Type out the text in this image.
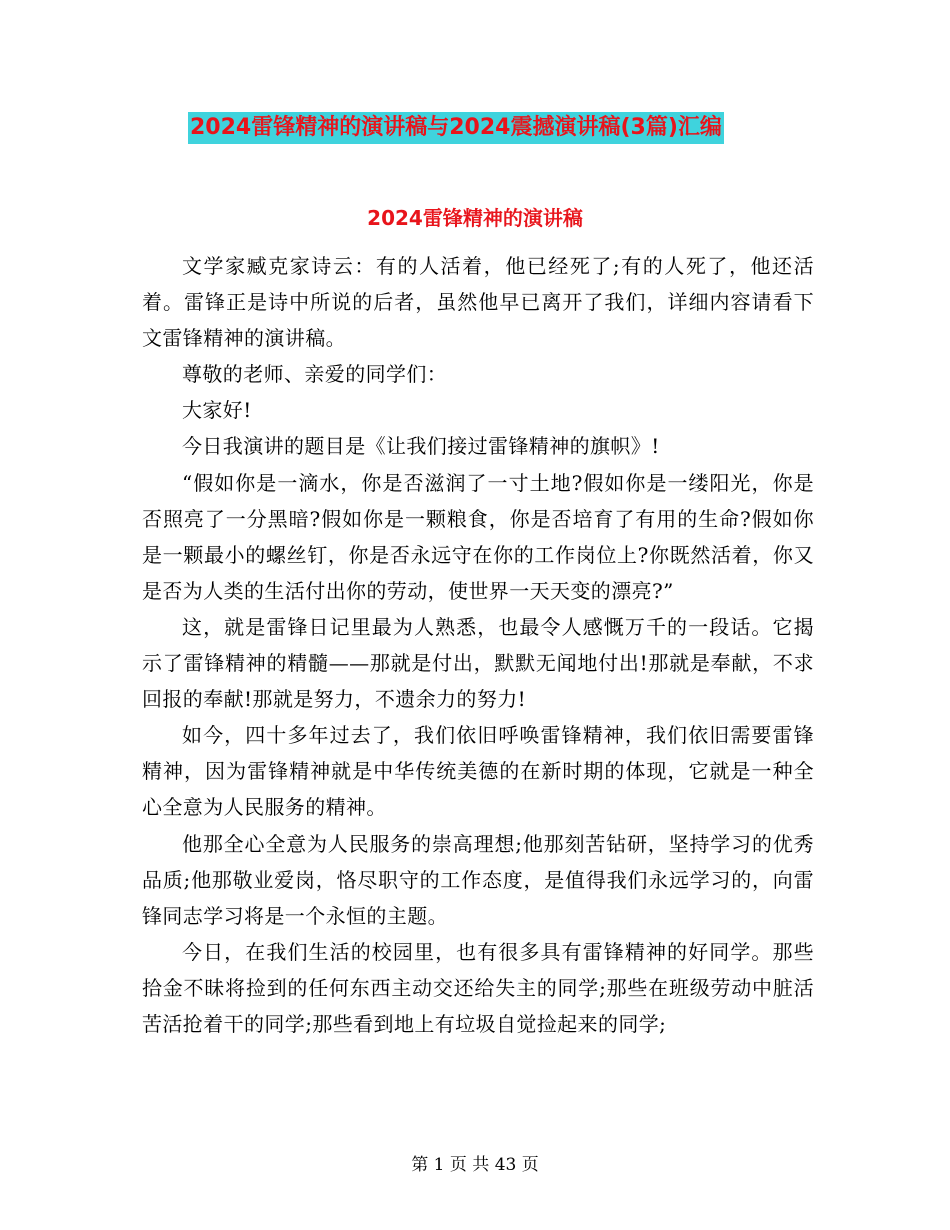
2024雷锋精神的演讲稿与2024震撼演讲稿(3篇)汇编
2024雷锋精神的演讲稿

文学家臧克家诗云：有的人活着，他已经死了;有的人死了，他还活着。雷锋正是诗中所说的后者，虽然他早已离开了我们，详细内容请看下文雷锋精神的演讲稿。

尊敬的老师、亲爱的同学们：

大家好!

今日我演讲的题目是《让我们接过雷锋精神的旗帜》!

“假如你是一滴水，你是否滋润了一寸土地?假如你是一缕阳光，你是否照亮了一分黑暗?假如你是一颗粮食，你是否培育了有用的生命?假如你是一颗最小的螺丝钉，你是否永远守在你的工作岗位上?你既然活着，你又是否为人类的生活付出你的劳动，使世界一天天变的漂亮?”

这，就是雷锋日记里最为人熟悉，也最令人感慨万千的一段话。它揭示了雷锋精神的精髓——那就是付出，默默无闻地付出!那就是奉献，不求回报的奉献!那就是努力，不遗余力的努力!

如今，四十多年过去了，我们依旧呼唤雷锋精神，我们依旧需要雷锋精神，因为雷锋精神就是中华传统美德的在新时期的体现，它就是一种全心全意为人民服务的精神。

他那全心全意为人民服务的崇高理想;他那刻苦钻研，坚持学习的优秀品质;他那敬业爱岗，恪尽职守的工作态度，是值得我们永远学习的，向雷锋同志学习将是一个永恒的主题。

今日，在我们生活的校园里，也有很多具有雷锋精神的好同学。那些拾金不昧将捡到的任何东西主动交还给失主的同学;那些在班级劳动中脏活苦活抢着干的同学;那些看到地上有垃圾自觉捡起来的同学;

第 1 页 共 43 页
